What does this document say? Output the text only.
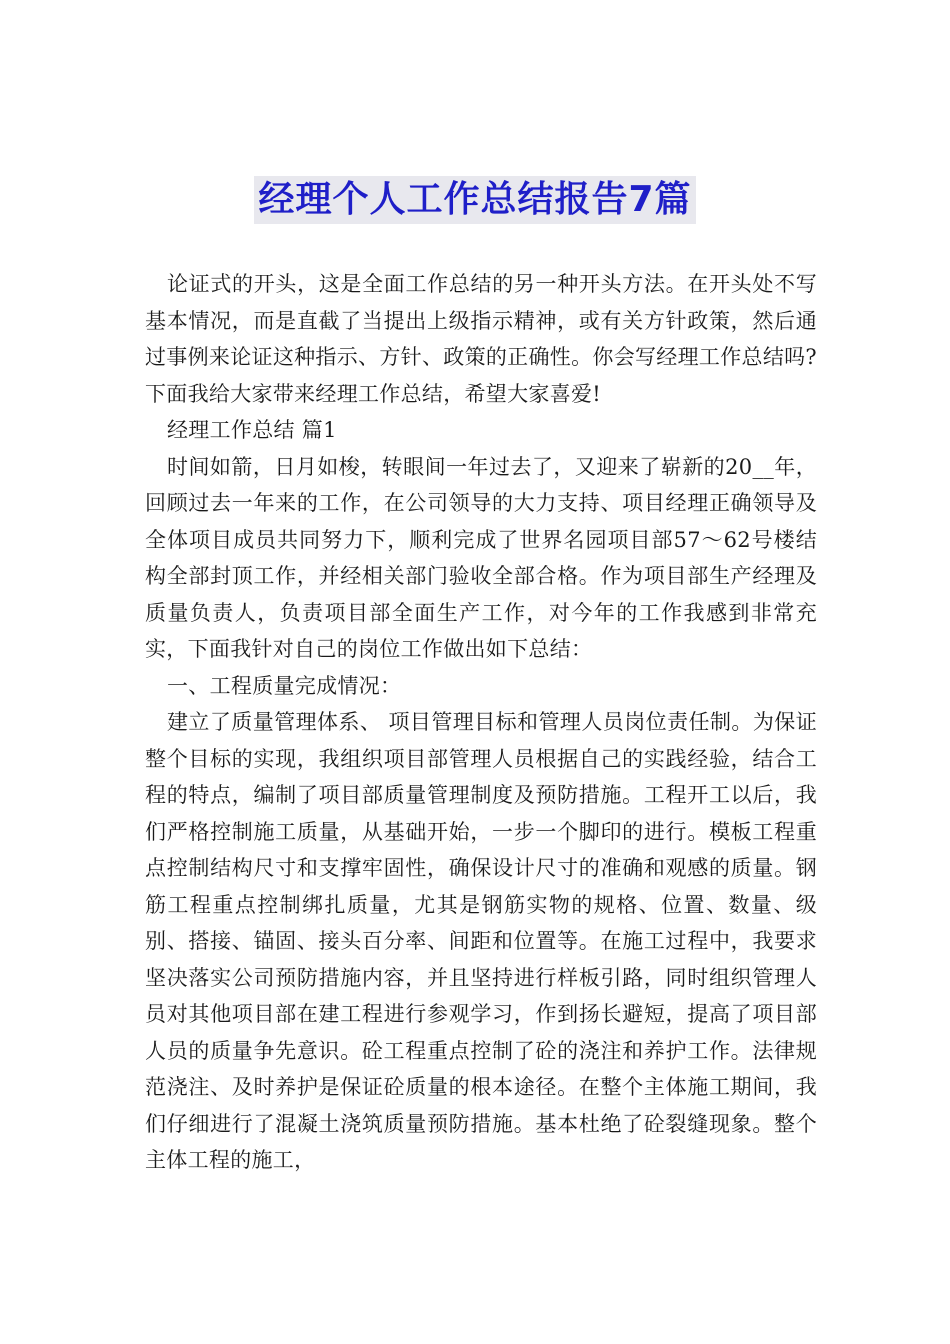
经理个人工作总结报告7篇

论证式的开头，这是全面工作总结的另一种开头方法。在开头处不写基本情况，而是直截了当提出上级指示精神，或有关方针政策，然后通过事例来论证这种指示、方针、政策的正确性。你会写经理工作总结吗?下面我给大家带来经理工作总结，希望大家喜爱!

经理工作总结 篇1

时间如箭，日月如梭，转眼间一年过去了，又迎来了崭新的20__年，回顾过去一年来的工作，在公司领导的大力支持、项目经理正确领导及全体项目成员共同努力下，顺利完成了世界名园项目部57～62号楼结构全部封顶工作，并经相关部门验收全部合格。作为项目部生产经理及质量负责人，负责项目部全面生产工作，对今年的工作我感到非常充实，下面我针对自己的岗位工作做出如下总结：

一、工程质量完成情况：

建立了质量管理体系、 项目管理目标和管理人员岗位责任制。为保证整个目标的实现，我组织项目部管理人员根据自己的实践经验，结合工程的特点，编制了项目部质量管理制度及预防措施。工程开工以后，我们严格控制施工质量，从基础开始，一步一个脚印的进行。模板工程重点控制结构尺寸和支撑牢固性，确保设计尺寸的准确和观感的质量。钢筋工程重点控制绑扎质量，尤其是钢筋实物的规格、位置、数量、级别、搭接、锚固、接头百分率、间距和位置等。在施工过程中，我要求坚决落实公司预防措施内容，并且坚持进行样板引路，同时组织管理人员对其他项目部在建工程进行参观学习，作到扬长避短，提高了项目部人员的质量争先意识。砼工程重点控制了砼的浇注和养护工作。法律规范浇注、及时养护是保证砼质量的根本途径。在整个主体施工期间，我们仔细进行了混凝土浇筑质量预防措施。基本杜绝了砼裂缝现象。整个主体工程的施工，
